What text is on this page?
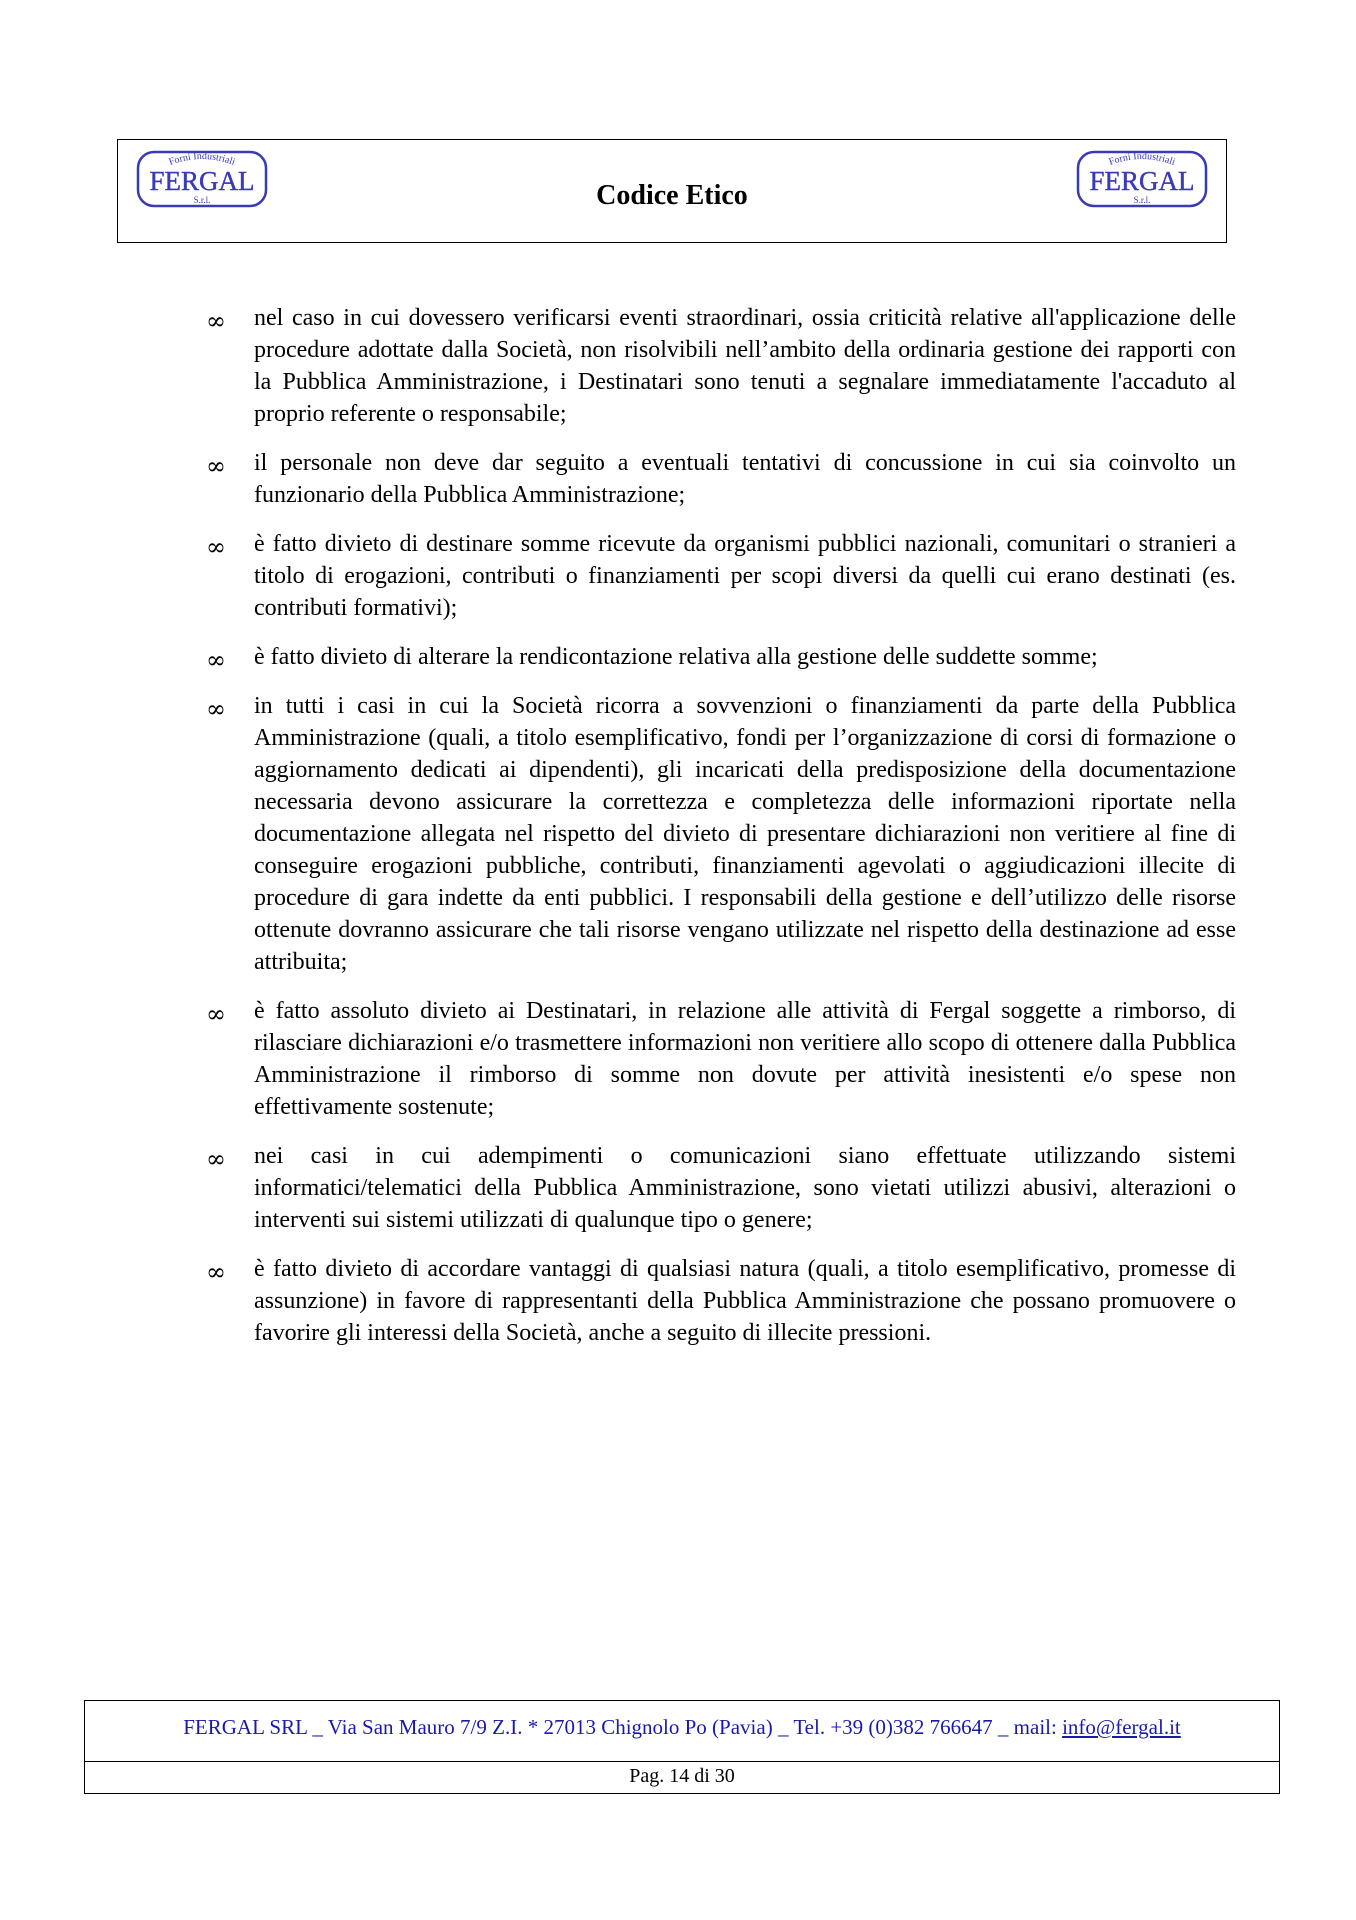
Forni Industriali
FERGAL
S.r.l.	Codice Etico
Forni Industriali
FERGAL
S.r.l.
∞ nel caso in cui dovessero verificarsi eventi straordinari, ossia criticità relative all'applicazione delle procedure adottate dalla Società, non risolvibili nell’ambito della ordinaria gestione dei rapporti con la Pubblica Amministrazione, i Destinatari sono tenuti a segnalare immediatamente l'accaduto al proprio referente o responsabile;
∞ il personale non deve dar seguito a eventuali tentativi di concussione in cui sia coinvolto un funzionario della Pubblica Amministrazione;
∞ è fatto divieto di destinare somme ricevute da organismi pubblici nazionali, comunitari o stranieri a titolo di erogazioni, contributi o finanziamenti per scopi diversi da quelli cui erano destinati (es. contributi formativi);
∞ è fatto divieto di alterare la rendicontazione relativa alla gestione delle suddette somme;
∞ in tutti i casi in cui la Società ricorra a sovvenzioni o finanziamenti da parte della Pubblica Amministrazione (quali, a titolo esemplificativo, fondi per l’organizzazione di corsi di formazione o aggiornamento dedicati ai dipendenti), gli incaricati della predisposizione della documentazione necessaria devono assicurare la correttezza e completezza delle informazioni riportate nella documentazione allegata nel rispetto del divieto di presentare dichiarazioni non veritiere al fine di conseguire erogazioni pubbliche, contributi, finanziamenti agevolati o aggiudicazioni illecite di procedure di gara indette da enti pubblici. I responsabili della gestione e dell’utilizzo delle risorse ottenute dovranno assicurare che tali risorse vengano utilizzate nel rispetto della destinazione ad esse attribuita;
∞ è fatto assoluto divieto ai Destinatari, in relazione alle attività di Fergal soggette a rimborso, di rilasciare dichiarazioni e/o trasmettere informazioni non veritiere allo scopo di ottenere dalla Pubblica Amministrazione il rimborso di somme non dovute per attività inesistenti e/o spese non effettivamente sostenute;
∞ nei casi in cui adempimenti o comunicazioni siano effettuate utilizzando sistemi informatici/telematici della Pubblica Amministrazione, sono vietati utilizzi abusivi, alterazioni o interventi sui sistemi utilizzati di qualunque tipo o genere;
∞ è fatto divieto di accordare vantaggi di qualsiasi natura (quali, a titolo esemplificativo, promesse di assunzione) in favore di rappresentanti della Pubblica Amministrazione che possano promuovere o favorire gli interessi della Società, anche a seguito di illecite pressioni.
FERGAL SRL _ Via San Mauro 7/9 Z.I. * 27013 Chignolo Po (Pavia) _ Tel. +39 (0)382 766647 _ mail: info@fergal.it
Pag. 14 di 30
